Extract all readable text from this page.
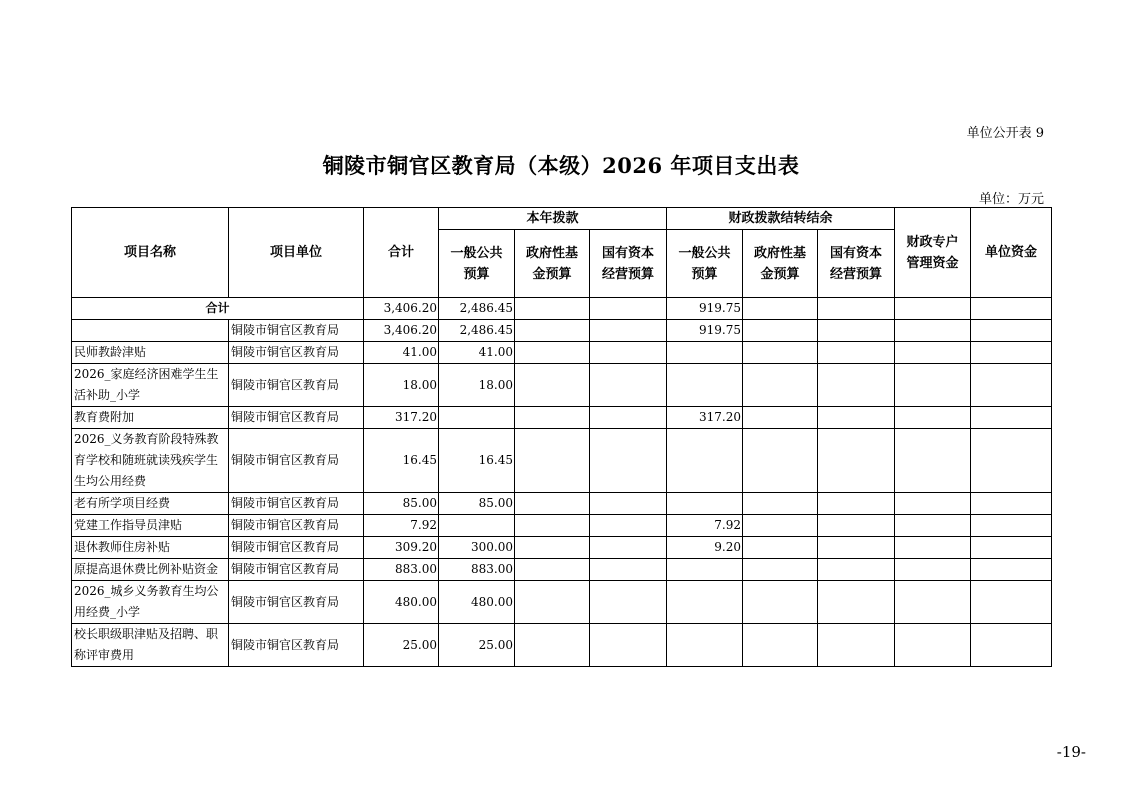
单位公开表 9
铜陵市铜官区教育局（本级）2026 年项目支出表
单位：万元
项目名称	项目单位	合计	本年拨款			财政拨款结转结余			财政专户管理资金	单位资金
			一般公共预算	政府性基金预算	国有资本经营预算	一般公共预算	政府性基金预算	国有资本经营预算		
合计		3,406.20	2,486.45			919.75				
	铜陵市铜官区教育局	3,406.20	2,486.45			919.75				
民师教龄津贴	铜陵市铜官区教育局	41.00	41.00							
2026_家庭经济困难学生生活补助_小学	铜陵市铜官区教育局	18.00	18.00							
教育费附加	铜陵市铜官区教育局	317.20				317.20				
2026_义务教育阶段特殊教育学校和随班就读残疾学生生均公用经费	铜陵市铜官区教育局	16.45	16.45							
老有所学项目经费	铜陵市铜官区教育局	85.00	85.00							
党建工作指导员津贴	铜陵市铜官区教育局	7.92				7.92				
退休教师住房补贴	铜陵市铜官区教育局	309.20	300.00			9.20				
原提高退休费比例补贴资金	铜陵市铜官区教育局	883.00	883.00							
2026_城乡义务教育生均公用经费_小学	铜陵市铜官区教育局	480.00	480.00							
校长职级职津贴及招聘、职称评审费用	铜陵市铜官区教育局	25.00	25.00							
-19-
